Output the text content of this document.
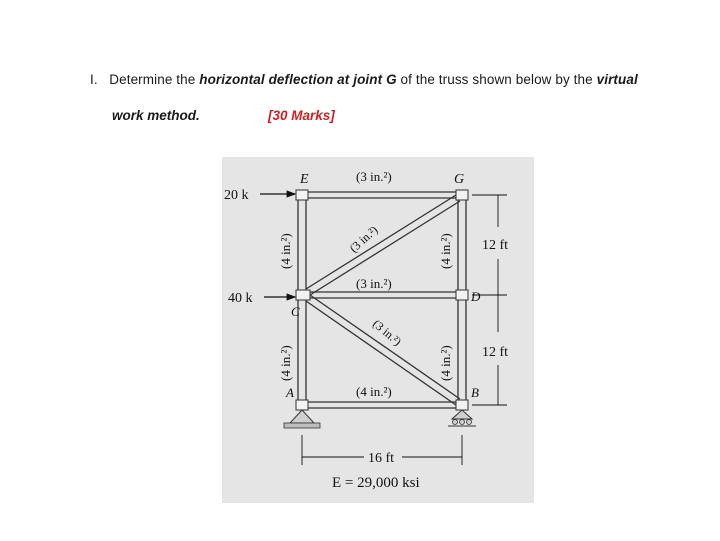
I. Determine the horizontal deflection at joint G of the truss shown below by the virtual
work method.	[30 Marks]
20 k
40 k
E	G
C
D
A	B
(3 in.²)
(3 in.²)
(4 in.²)
(3 in.²)
(3 in.²)
(4 in.²)
(4 in.²)
(4 in.²)
(4 in.²)
12 ft
12 ft
16 ft
E = 29,000 ksi
